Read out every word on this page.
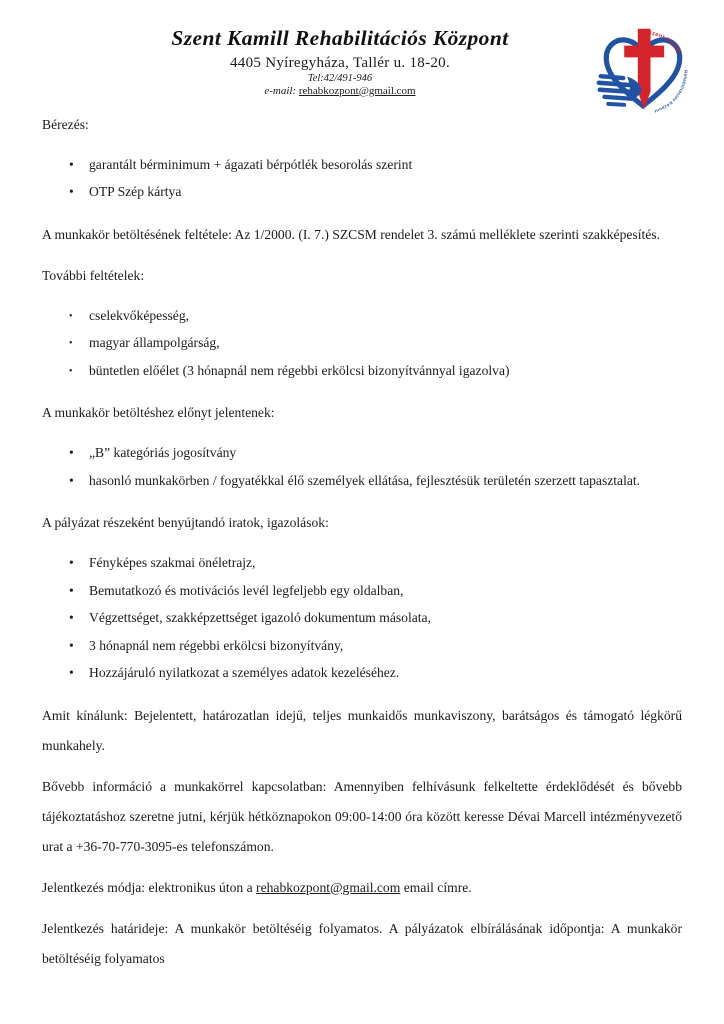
Szent Kamill Rehabilitációs Központ
4405 Nyíregyháza, Tallér u. 18-20.
Tel:42/491-946
e-mail: rehabkozpont@gmail.com
Szent Kamill
Rehabilitációs Központ

Bérezés:

• garantált bérminimum + ágazati bérpótlék besorolás szerint
• OTP Szép kártya

A munkakör betöltésének feltétele: Az 1/2000. (I. 7.) SZCSM rendelet 3. számú melléklete szerinti szakképesítés.

További feltételek:

• cselekvőképesség,
• magyar állampolgárság,
• büntetlen előélet (3 hónapnál nem régebbi erkölcsi bizonyítvánnyal igazolva)

A munkakör betöltéshez előnyt jelentenek:

• „B” kategóriás jogosítvány
• hasonló munkakörben / fogyatékkal élő személyek ellátása, fejlesztésük területén szerzett tapasztalat.

A pályázat részeként benyújtandó iratok, igazolások:

• Fényképes szakmai önéletrajz,
• Bemutatkozó és motivációs levél legfeljebb egy oldalban,
• Végzettséget, szakképzettséget igazoló dokumentum másolata,
• 3 hónapnál nem régebbi erkölcsi bizonyítvány,
• Hozzájáruló nyilatkozat a személyes adatok kezeléséhez.

Amit kínálunk: Bejelentett, határozatlan idejű, teljes munkaidős munkaviszony, barátságos és támogató légkörű munkahely.

Bővebb információ a munkakörrel kapcsolatban: Amennyiben felhívásunk felkeltette érdeklődését és bővebb tájékoztatáshoz szeretne jutni, kérjük hétköznapokon 09:00-14:00 óra között keresse Dévai Marcell intézményvezető urat a +36-70-770-3095-es telefonszámon.

Jelentkezés módja: elektronikus úton a rehabkozpont@gmail.com email címre.

Jelentkezés határideje: A munkakör betöltéséig folyamatos. A pályázatok elbírálásának időpontja: A munkakör betöltéséig folyamatos
